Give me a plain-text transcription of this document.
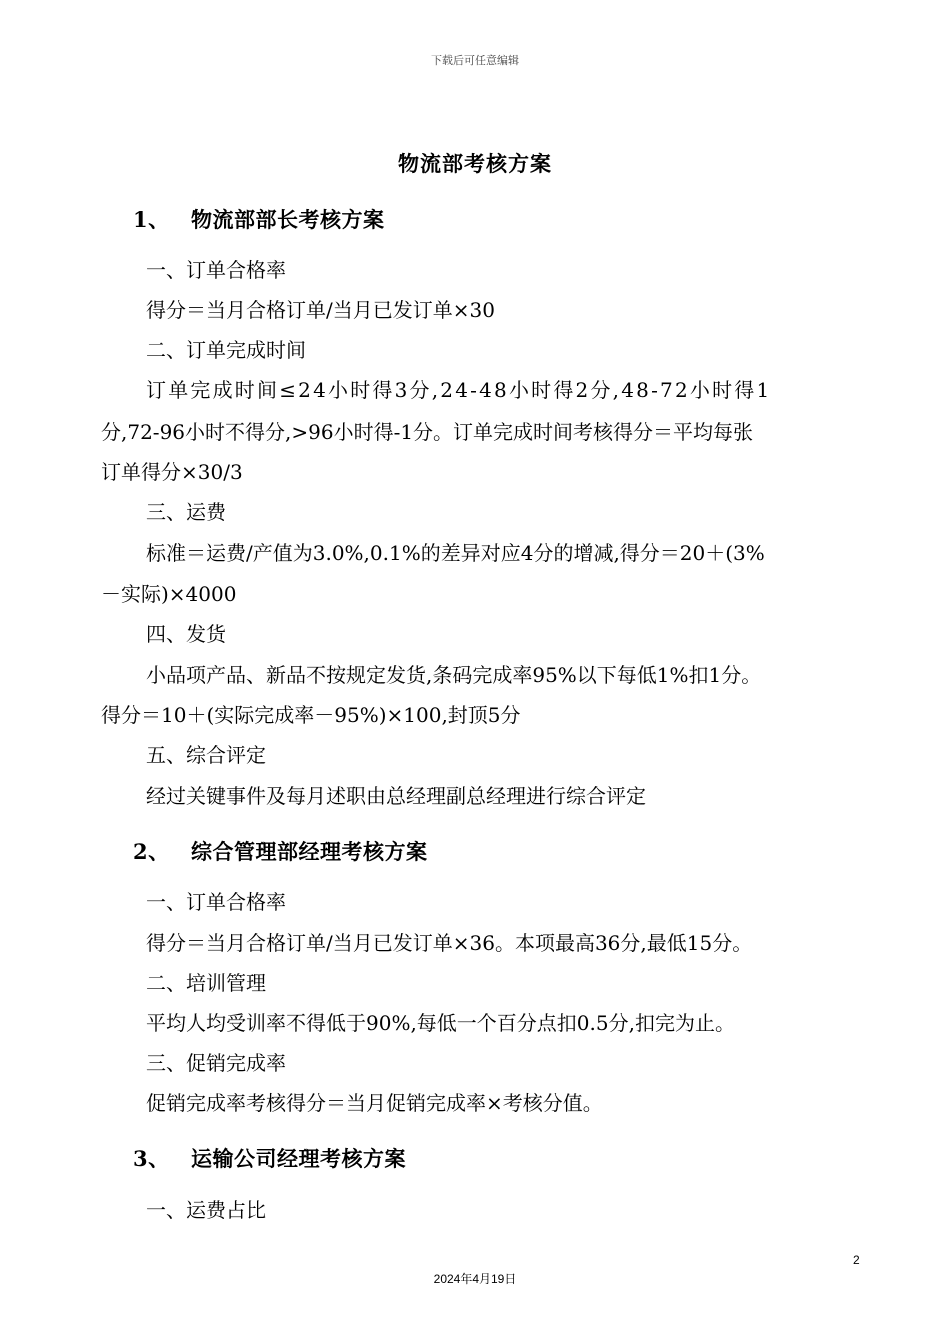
下载后可任意编辑
物流部考核方案
1、 物流部部长考核方案
一、订单合格率
得分＝当月合格订单/当月已发订单×30
二、订单完成时间
订单完成时间≤24小时得3分,24-48小时得2分,48-72小时得1
分,72-96小时不得分,>96小时得-1分。订单完成时间考核得分＝平均每张
订单得分×30/3
三、运费
标准＝运费/产值为3.0%,0.1%的差异对应4分的增减,得分＝20＋(3%
－实际)×4000
四、发货
小品项产品、新品不按规定发货,条码完成率95%以下每低1%扣1分。
得分＝10＋(实际完成率－95%)×100,封顶5分
五、综合评定
经过关键事件及每月述职由总经理副总经理进行综合评定
2、 综合管理部经理考核方案
一、订单合格率
得分＝当月合格订单/当月已发订单×36。本项最高36分,最低15分。
二、培训管理
平均人均受训率不得低于90%,每低一个百分点扣0.5分,扣完为止。
三、促销完成率
促销完成率考核得分＝当月促销完成率×考核分值。
3、 运输公司经理考核方案
一、运费占比
2
2024年4月19日
